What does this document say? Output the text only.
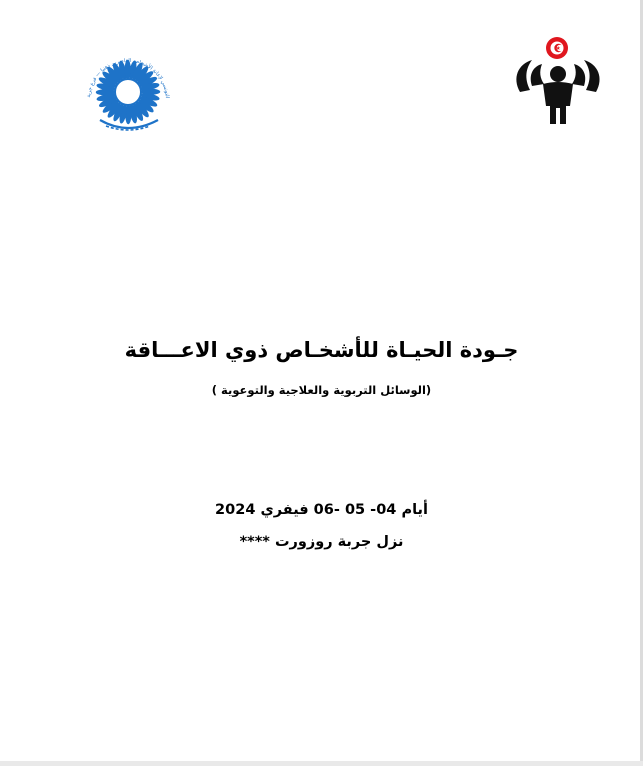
التونسي لإعانة الأشخاص القاصرين ذهنيا — فرع جربة
جـودة الحيـاة للأشخـاص ذوي الاعـــاقة
(الوسائل التربوية والعلاجية والتوعوية )
أيام 04- 05 -06 فيفري 2024
نزل جربة روزورت ****
